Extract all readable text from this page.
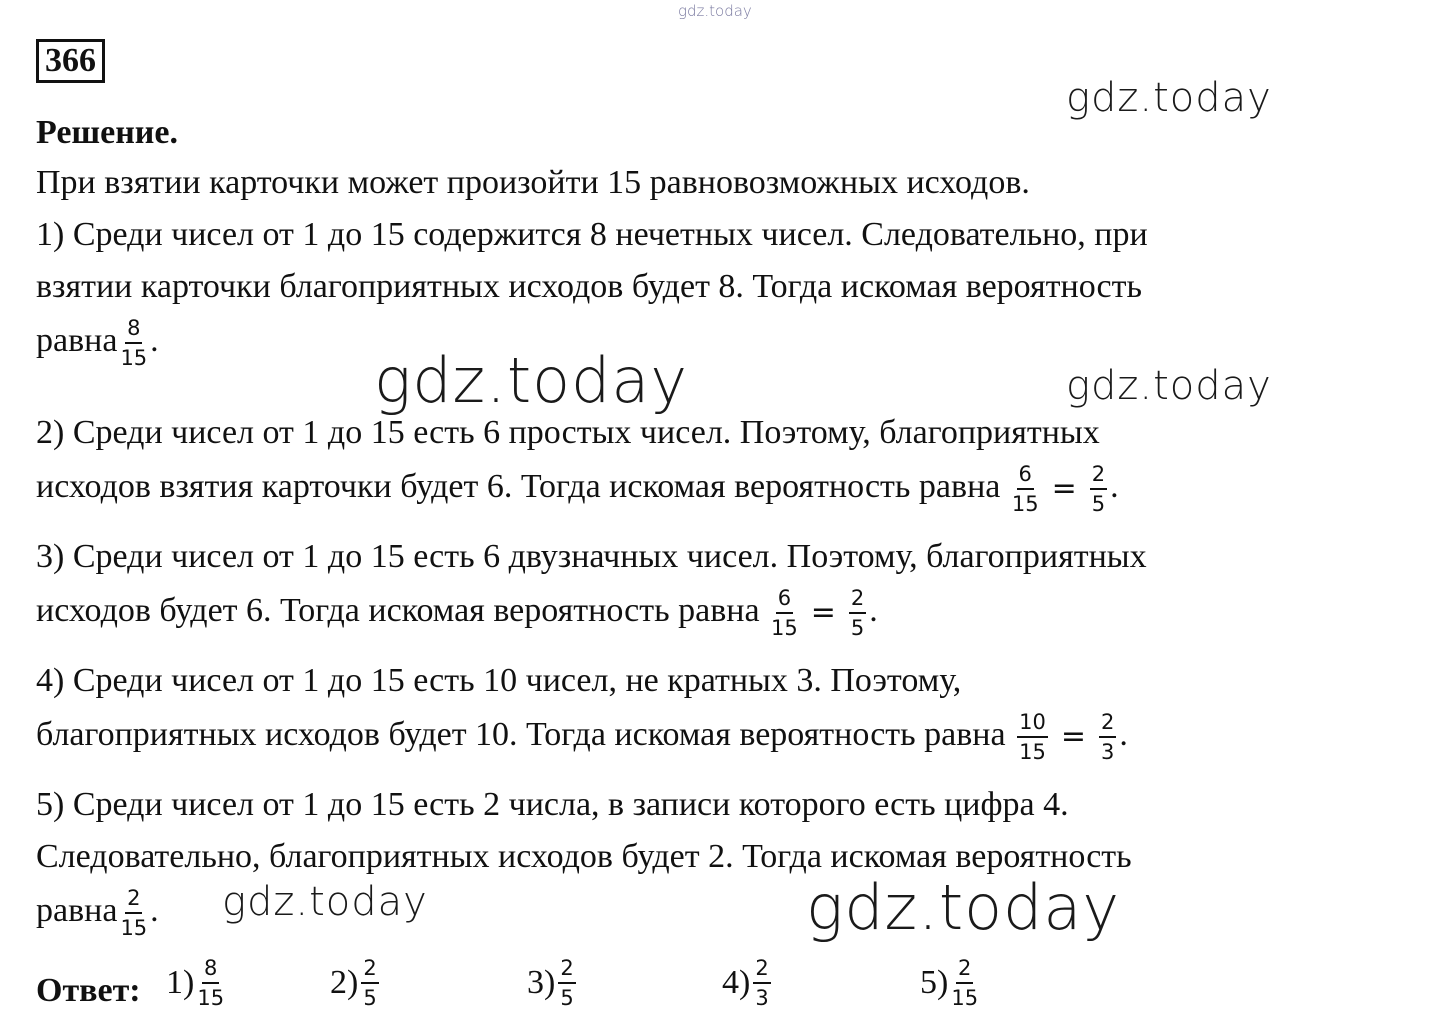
gdz.today
gdz.today
gdz.today	gdz.today
gdz.today	gdz.today
366
Решение.
При взятии карточки может произойти 15 равновозможных исходов.
1) Среди чисел от 1 до 15 содержится 8 нечетных чисел. Следовательно, при
взятии карточки благоприятных исходов будет 8. Тогда искомая вероятность
равна $\frac{8}{15}$ .
2) Среди чисел от 1 до 15 есть 6 простых чисел. Поэтому, благоприятных
исходов взятия карточки будет 6. Тогда искомая вероятность равна $\frac{6}{15} = \frac{2}{5}$ .
3) Среди чисел от 1 до 15 есть 6 двузначных чисел. Поэтому, благоприятных
исходов будет 6. Тогда искомая вероятность равна $\frac{6}{15} = \frac{2}{5}$ .
4) Среди чисел от 1 до 15 есть 10 чисел, не кратных 3. Поэтому,
благоприятных исходов будет 10. Тогда искомая вероятность равна $\frac{10}{15} = \frac{2}{3}$ .
5) Среди чисел от 1 до 15 есть 2 числа, в записи которого есть цифра 4.
Следовательно, благоприятных исходов будет 2. Тогда искомая вероятность
равна $\frac{2}{15}$ .
Ответ: $1) \frac{8}{15}$	$2) \frac{2}{5}$	$3) \frac{2}{5}$	$4) \frac{2}{3}$	$5) \frac{2}{15}$
